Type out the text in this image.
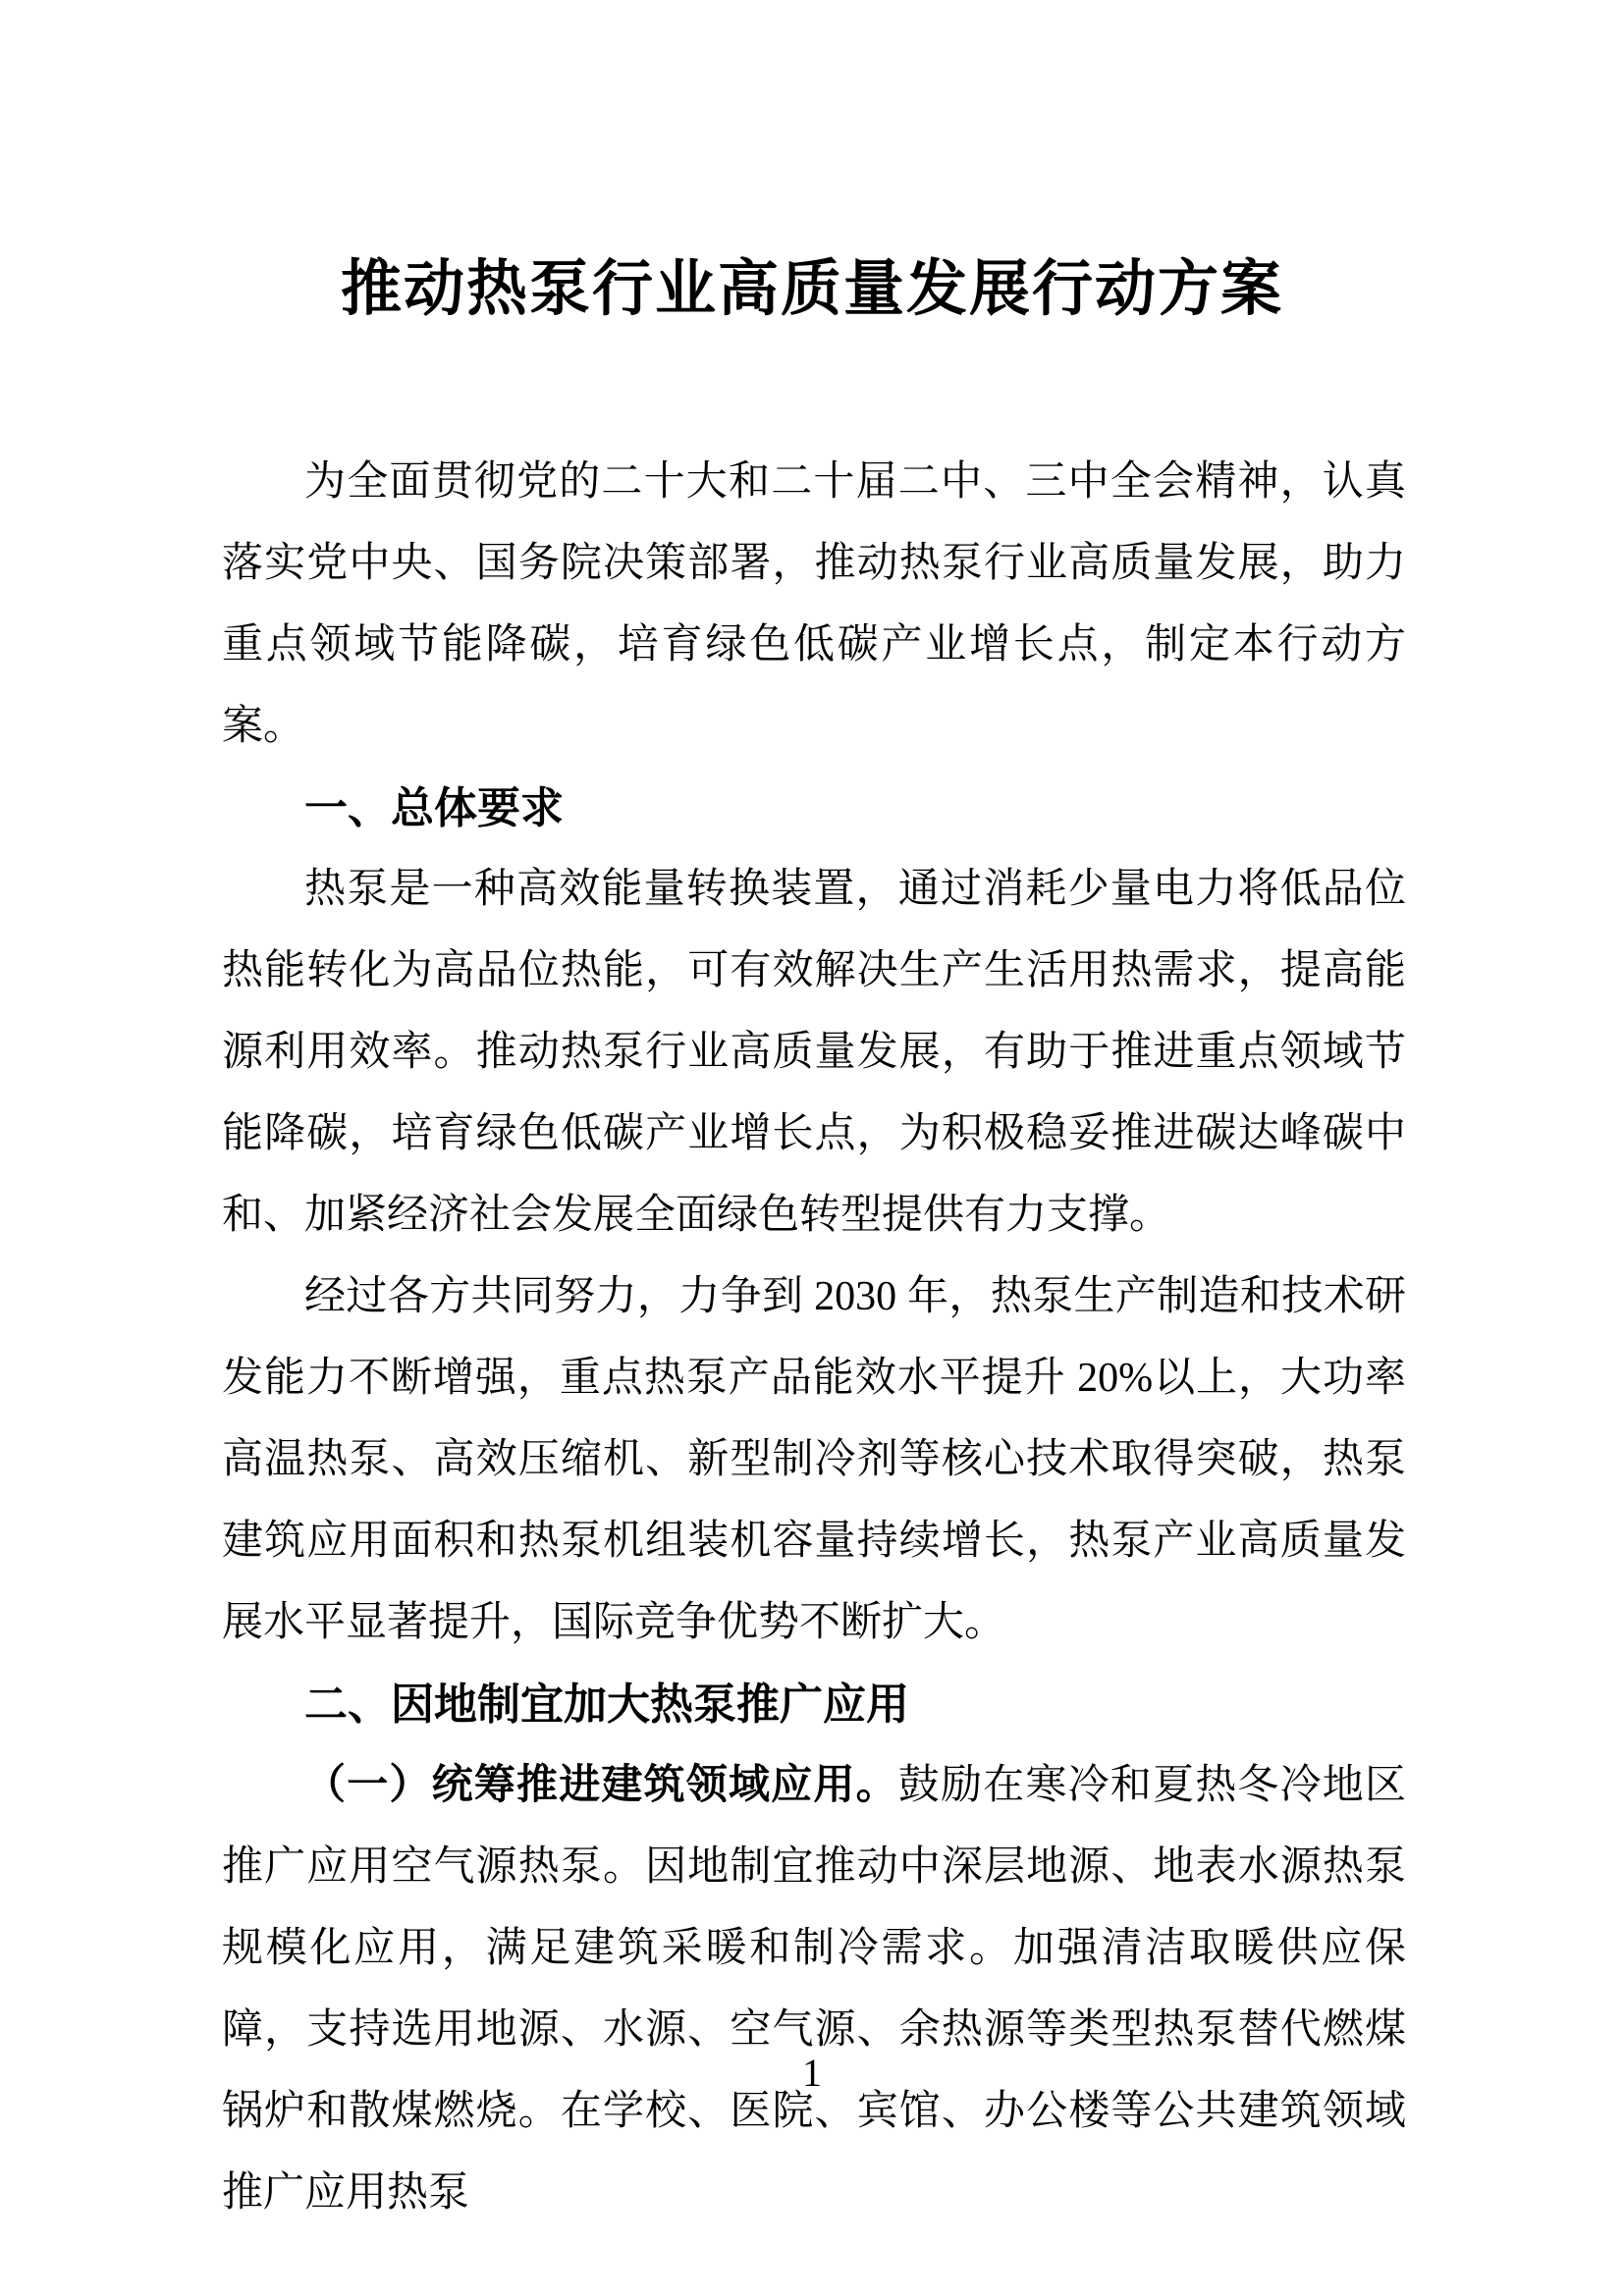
推动热泵行业高质量发展行动方案

为全面贯彻党的二十大和二十届二中、三中全会精神，认真落实党中央、国务院决策部署，推动热泵行业高质量发展，助力重点领域节能降碳，培育绿色低碳产业增长点，制定本行动方案。

一、总体要求

热泵是一种高效能量转换装置，通过消耗少量电力将低品位热能转化为高品位热能，可有效解决生产生活用热需求，提高能源利用效率。推动热泵行业高质量发展，有助于推进重点领域节能降碳，培育绿色低碳产业增长点，为积极稳妥推进碳达峰碳中和、加紧经济社会发展全面绿色转型提供有力支撑。

经过各方共同努力，力争到 2030 年，热泵生产制造和技术研发能力不断增强，重点热泵产品能效水平提升 20%以上，大功率高温热泵、高效压缩机、新型制冷剂等核心技术取得突破，热泵建筑应用面积和热泵机组装机容量持续增长，热泵产业高质量发展水平显著提升，国际竞争优势不断扩大。

二、因地制宜加大热泵推广应用

（一）统筹推进建筑领域应用。鼓励在寒冷和夏热冬冷地区推广应用空气源热泵。因地制宜推动中深层地源、地表水源热泵规模化应用，满足建筑采暖和制冷需求。加强清洁取暖供应保障，支持选用地源、水源、空气源、余热源等类型热泵替代燃煤锅炉和散煤燃烧。在学校、医院、宾馆、办公楼等公共建筑领域推广应用热泵

1
